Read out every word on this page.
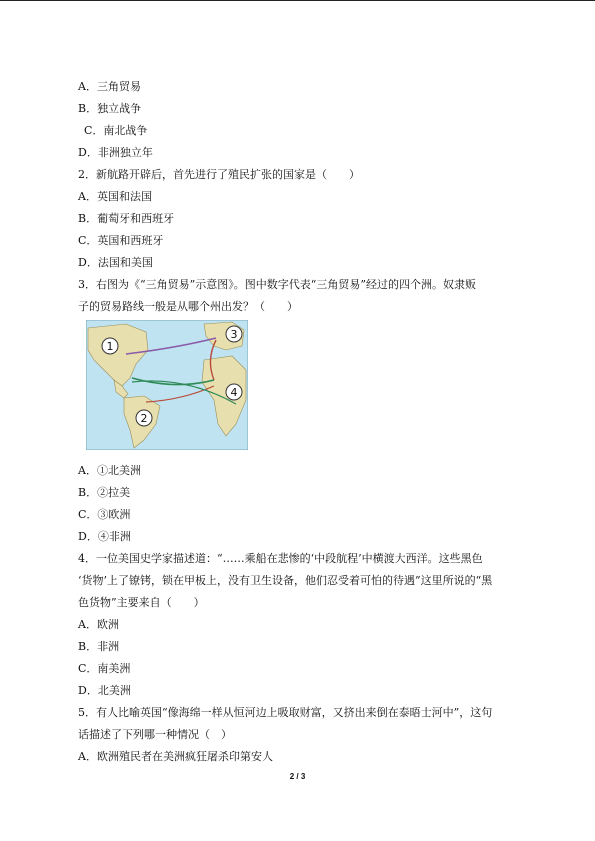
A．三角贸易
B．独立战争
C．南北战争
D．非洲独立年
2．新航路开辟后，首先进行了殖民扩张的国家是（　　）
A．英国和法国
B．葡萄牙和西班牙
C．英国和西班牙
D．法国和美国
3．右图为《“三角贸易”示意图》。图中数字代表“三角贸易”经过的四个洲。奴隶贩
子的贸易路线一般是从哪个州出发？（　　）
1
2
3
4
A．①北美洲
B．②拉美
C．③欧洲
D．④非洲
4．一位美国史学家描述道：“……乘船在悲惨的‘中段航程’中横渡大西洋。这些黑色
‘货物’上了镣铐，锁在甲板上，没有卫生设备，他们忍受着可怕的待遇”这里所说的“黑
色货物”主要来自（　　）
A．欧洲
B．非洲
C．南美洲
D．北美洲
5．有人比喻英国“像海绵一样从恒河边上吸取财富，又挤出来倒在泰晤士河中”，这句
话描述了下列哪一种情况（　）
A．欧洲殖民者在美洲疯狂屠杀印第安人
2 / 3
